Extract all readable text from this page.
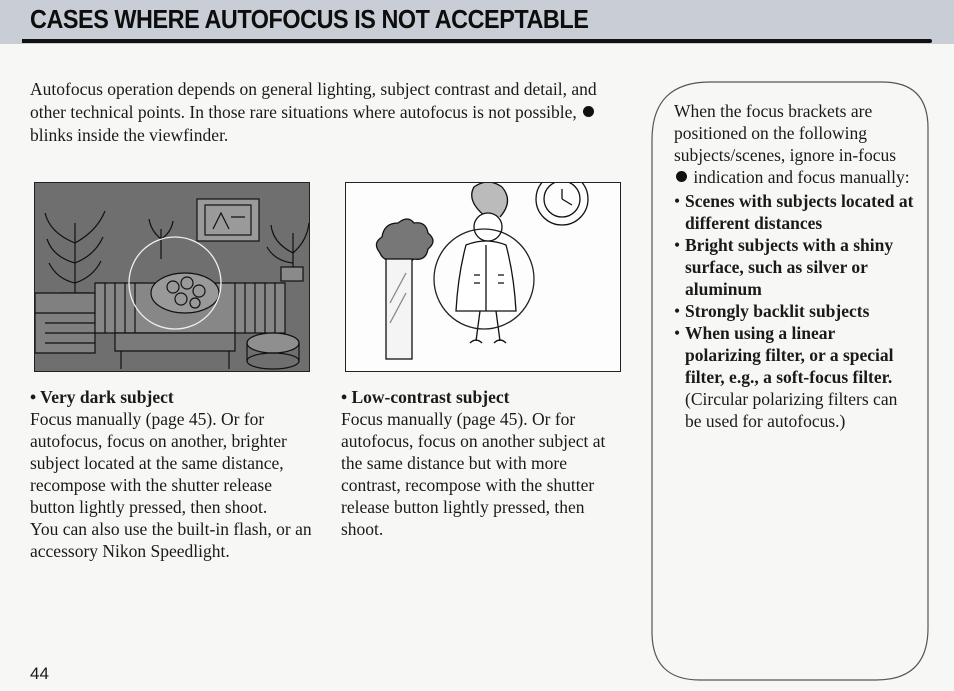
CASES WHERE AUTOFOCUS IS NOT ACCEPTABLE

Autofocus operation depends on general lighting, subject contrast and detail, and other technical points. In those rare situations where autofocus is not possible,  blinks inside the viewfinder.

• Very dark subject

Focus manually (page 45). Or for autofocus, focus on another, brighter subject located at the same distance, recompose with the shutter release button lightly pressed, then shoot.

You can also use the built-in flash, or an accessory Nikon Speedlight.

• Low-contrast subject

Focus manually (page 45). Or for autofocus, focus on another subject at the same distance but with more contrast, recompose with the shutter release button lightly pressed, then shoot.

When the focus brackets are positioned on the following subjects/scenes, ignore in-focus  indication and focus manually:

• Scenes with subjects located at different distances
• Bright subjects with a shiny surface, such as silver or aluminum
• Strongly backlit subjects
• When using a linear polarizing filter, or a special filter, e.g., a soft-focus filter. (Circular polarizing filters can be used for autofocus.)
44
